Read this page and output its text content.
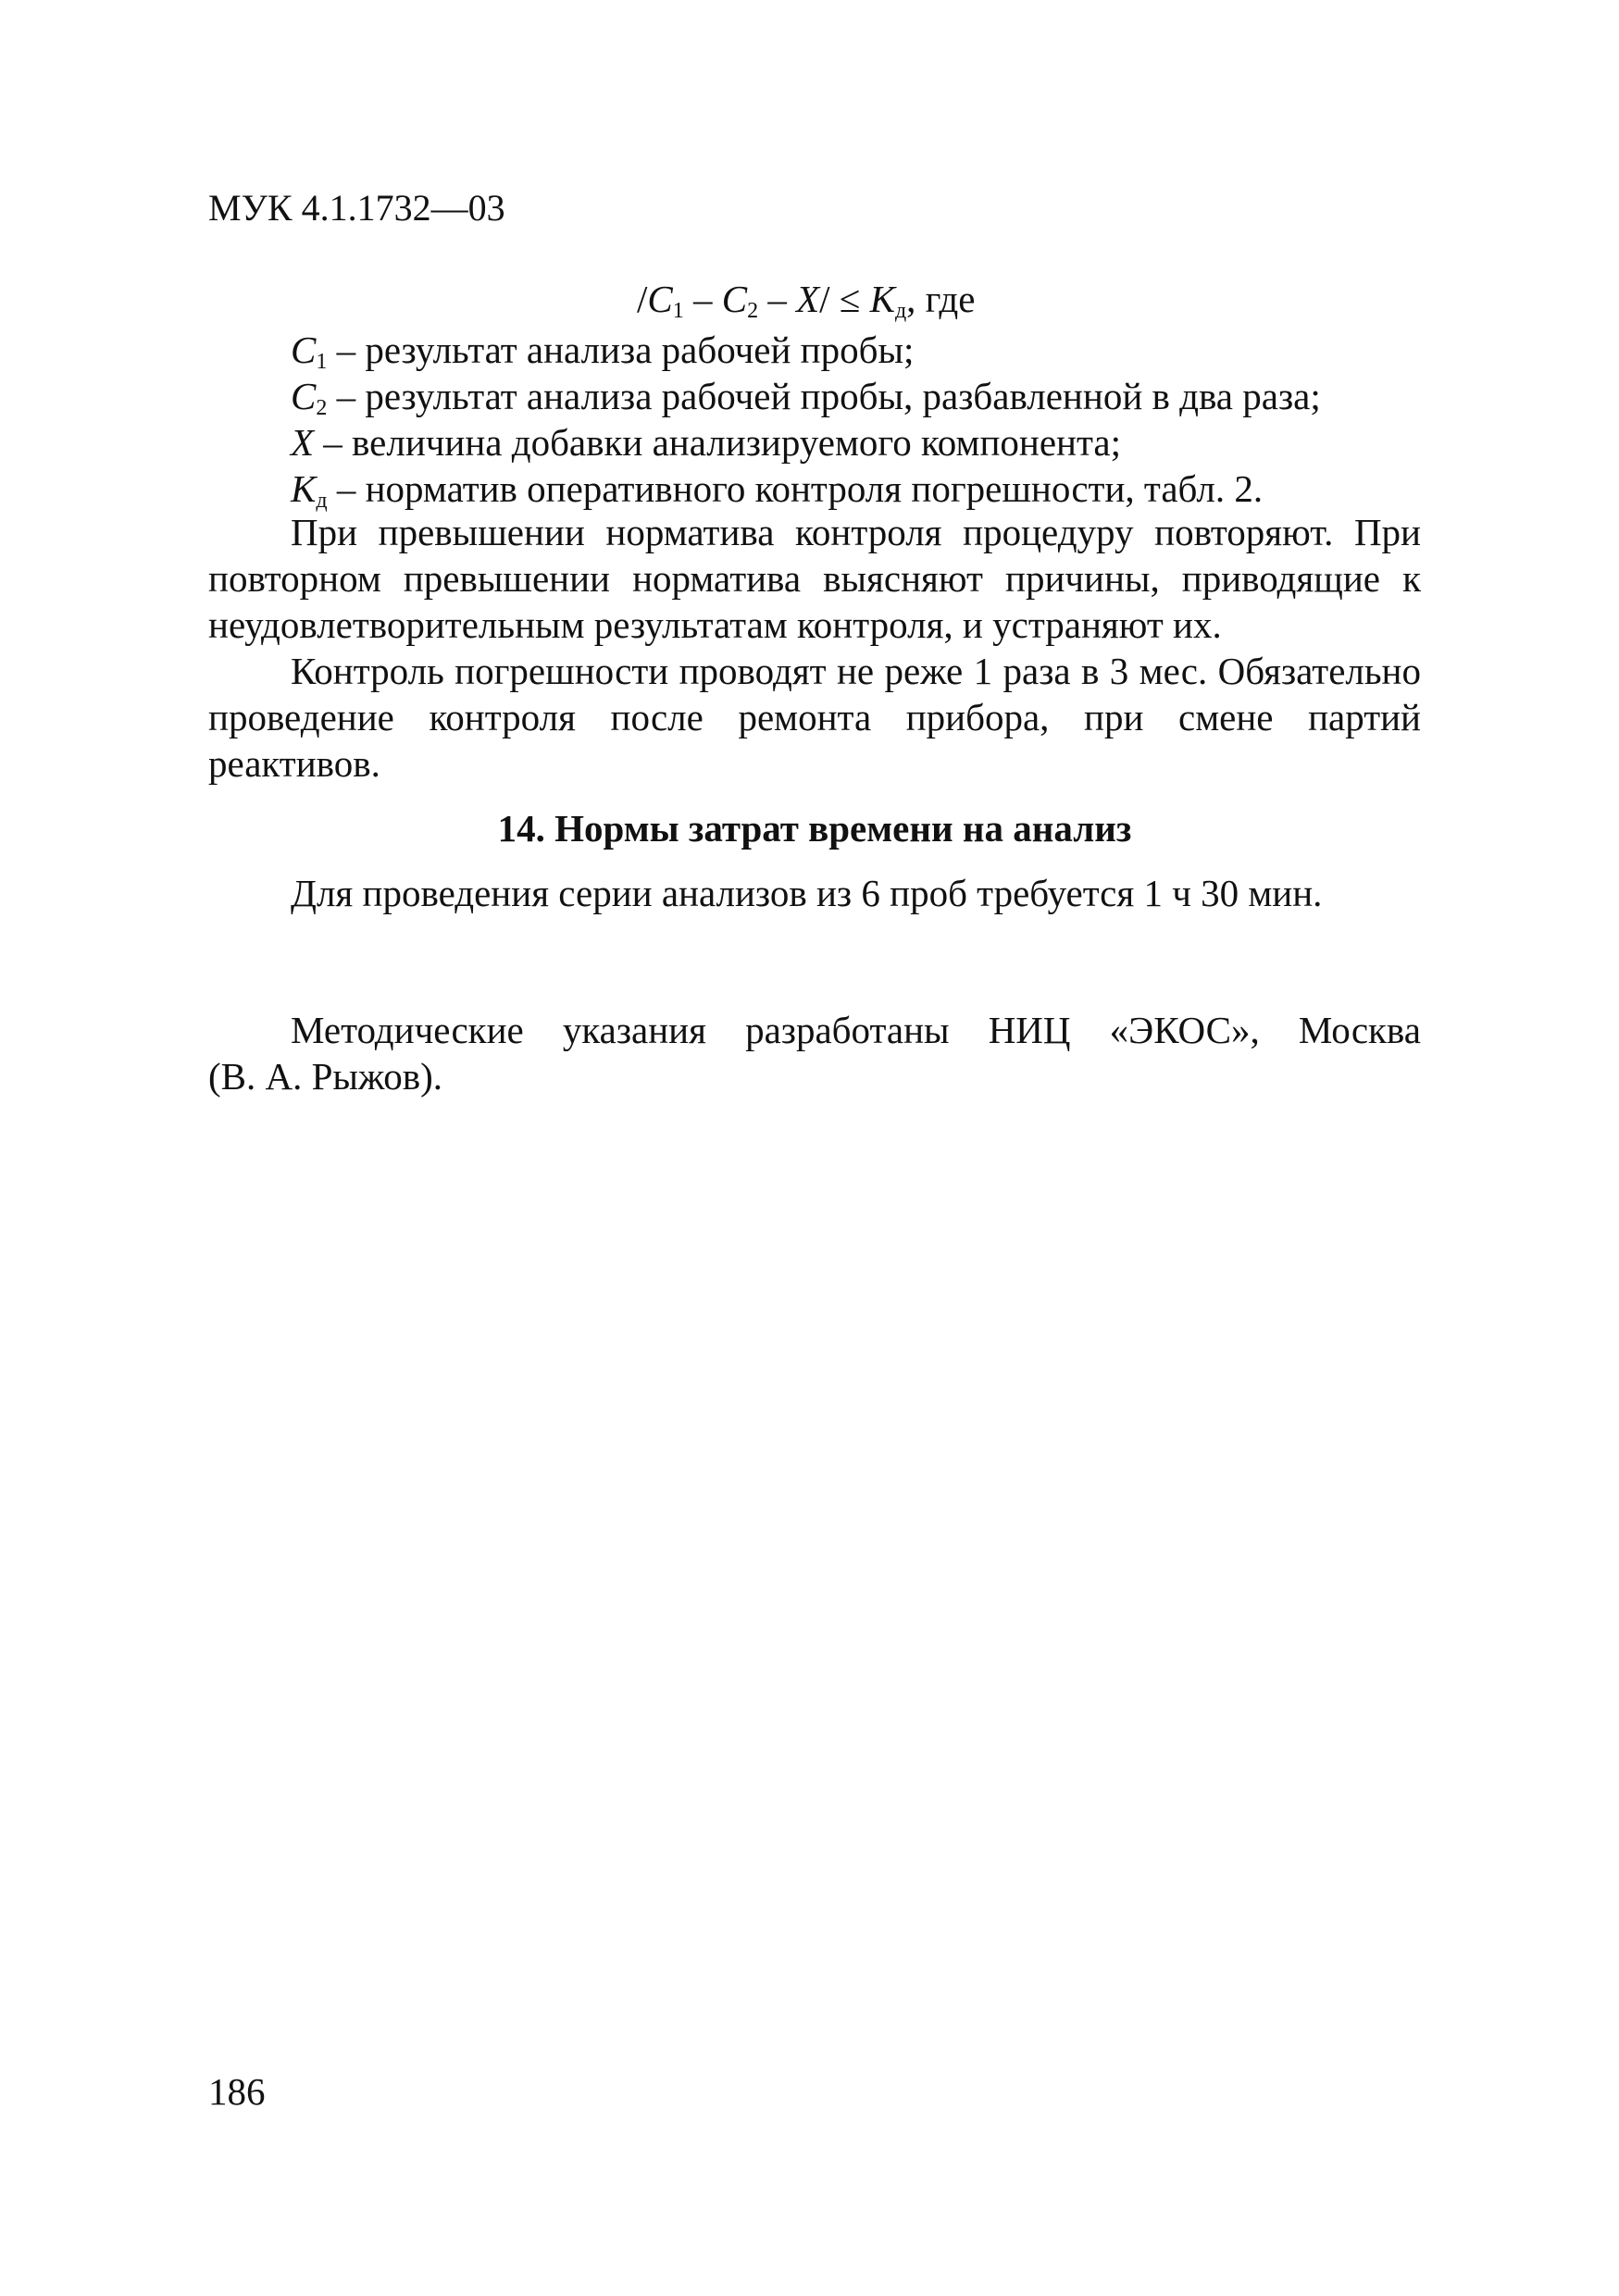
МУК 4.1.1732—03
$/C_1 - C_2 - X/ \le K_д$, где
$C_1$ – результат анализа рабочей пробы;
$C_2$ – результат анализа рабочей пробы, разбавленной в два раза;
X – величина добавки анализируемого компонента;
$K_д$ – норматив оперативного контроля погрешности, табл. 2.

При превышении норматива контроля процедуру повторяют. При повторном превышении норматива выясняют причины, приводящие к неудовлетворительным результатам контроля, и устраняют их.

Контроль погрешности проводят не реже 1 раза в 3 мес. Обязательно проведение контроля после ремонта прибора, при смене партий реактивов.

14. Нормы затрат времени на анализ
Для проведения серии анализов из 6 проб требуется 1 ч 30 мин.
Методические указания разработаны НИЦ «ЭКОС», Москва
(В. А. Рыжов).
186
